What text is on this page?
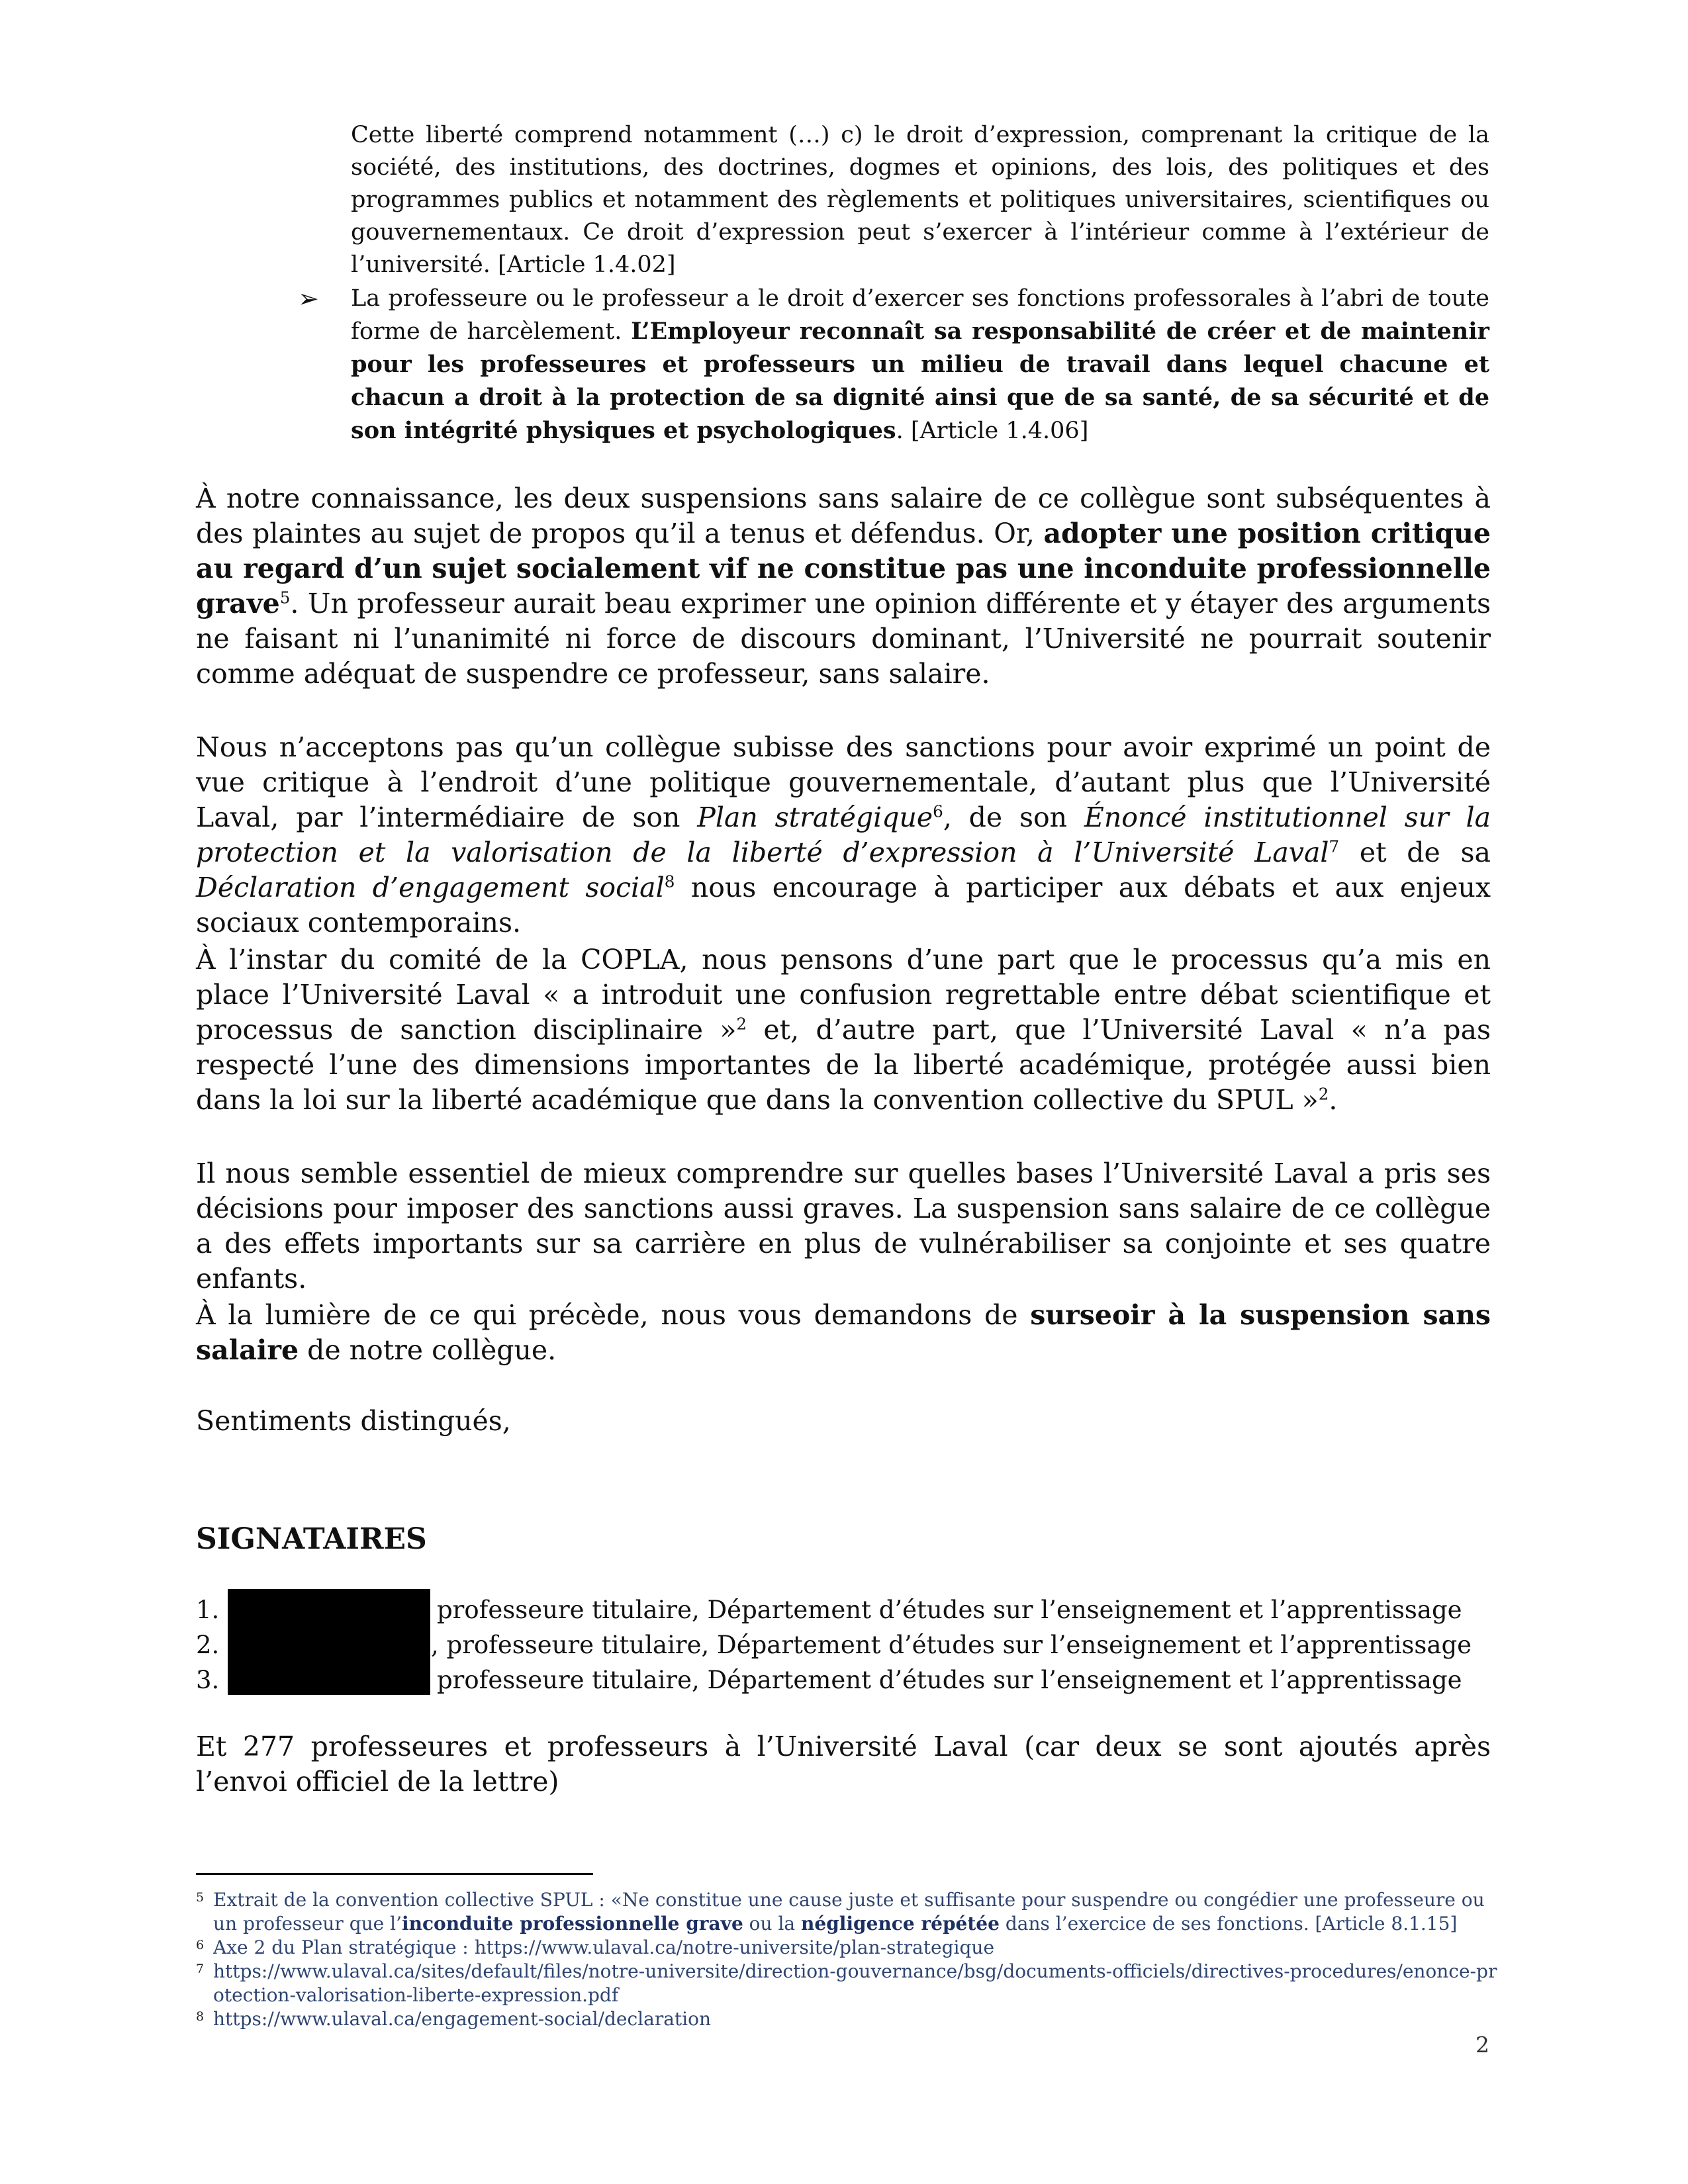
Cette liberté comprend notamment (…) c) le droit d’expression, comprenant la critique de la société, des institutions, des doctrines, dogmes et opinions, des lois, des politiques et des programmes publics et notamment des règlements et politiques universitaires, scientifiques ou gouvernementaux. Ce droit d’expression peut s’exercer à l’intérieur comme à l’extérieur de l’université. [Article 1.4.02]

➢ La professeure ou le professeur a le droit d’exercer ses fonctions professorales à l’abri de toute forme de harcèlement. L’Employeur reconnaît sa responsabilité de créer et de maintenir pour les professeures et professeurs un milieu de travail dans lequel chacune et chacun a droit à la protection de sa dignité ainsi que de sa santé, de sa sécurité et de son intégrité physiques et psychologiques. [Article 1.4.06]

À notre connaissance, les deux suspensions sans salaire de ce collègue sont subséquentes à des plaintes au sujet de propos qu’il a tenus et défendus. Or, adopter une position critique au regard d’un sujet socialement vif ne constitue pas une inconduite professionnelle grave$^5$. Un professeur aurait beau exprimer une opinion différente et y étayer des arguments ne faisant ni l’unanimité ni force de discours dominant, l’Université ne pourrait soutenir comme adéquat de suspendre ce professeur, sans salaire.

Nous n’acceptons pas qu’un collègue subisse des sanctions pour avoir exprimé un point de vue critique à l’endroit d’une politique gouvernementale, d’autant plus que l’Université Laval, par l’intermédiaire de son Plan stratégique$^6$, de son Énoncé institutionnel sur la protection et la valorisation de la liberté d’expression à l’Université Laval$^7$ et de sa Déclaration d’engagement social$^8$ nous encourage à participer aux débats et aux enjeux sociaux contemporains.

À l’instar du comité de la COPLA, nous pensons d’une part que le processus qu’a mis en place l’Université Laval « a introduit une confusion regrettable entre débat scientifique et processus de sanction disciplinaire »$^2$ et, d’autre part, que l’Université Laval « n’a pas respecté l’une des dimensions importantes de la liberté académique, protégée aussi bien dans la loi sur la liberté académique que dans la convention collective du SPUL »$^2$.

Il nous semble essentiel de mieux comprendre sur quelles bases l’Université Laval a pris ses décisions pour imposer des sanctions aussi graves. La suspension sans salaire de ce collègue a des effets importants sur sa carrière en plus de vulnérabiliser sa conjointe et ses quatre enfants.

À la lumière de ce qui précède, nous vous demandons de surseoir à la suspension sans salaire de notre collègue.

Sentiments distingués,

SIGNATAIRES
1.	professeure titulaire, Département d’études sur l’enseignement et l’apprentissage
2.	, professeure titulaire, Département d’études sur l’enseignement et l’apprentissage
3.	professeure titulaire, Département d’études sur l’enseignement et l’apprentissage

Et 277 professeures et professeurs à l’Université Laval (car deux se sont ajoutés après l’envoi officiel de la lettre)

5 Extrait de la convention collective SPUL : «Ne constitue une cause juste et suffisante pour suspendre ou congédier une professeure ou un professeur que l’inconduite professionnelle grave ou la négligence répétée dans l’exercice de ses fonctions. [Article 8.1.15]
6 Axe 2 du Plan stratégique : https://www.ulaval.ca/notre-universite/plan-strategique
7 https://www.ulaval.ca/sites/default/files/notre-universite/direction-gouvernance/bsg/documents-officiels/directives-procedures/enonce-protection-valorisation-liberte-expression.pdf
8 https://www.ulaval.ca/engagement-social/declaration
2
